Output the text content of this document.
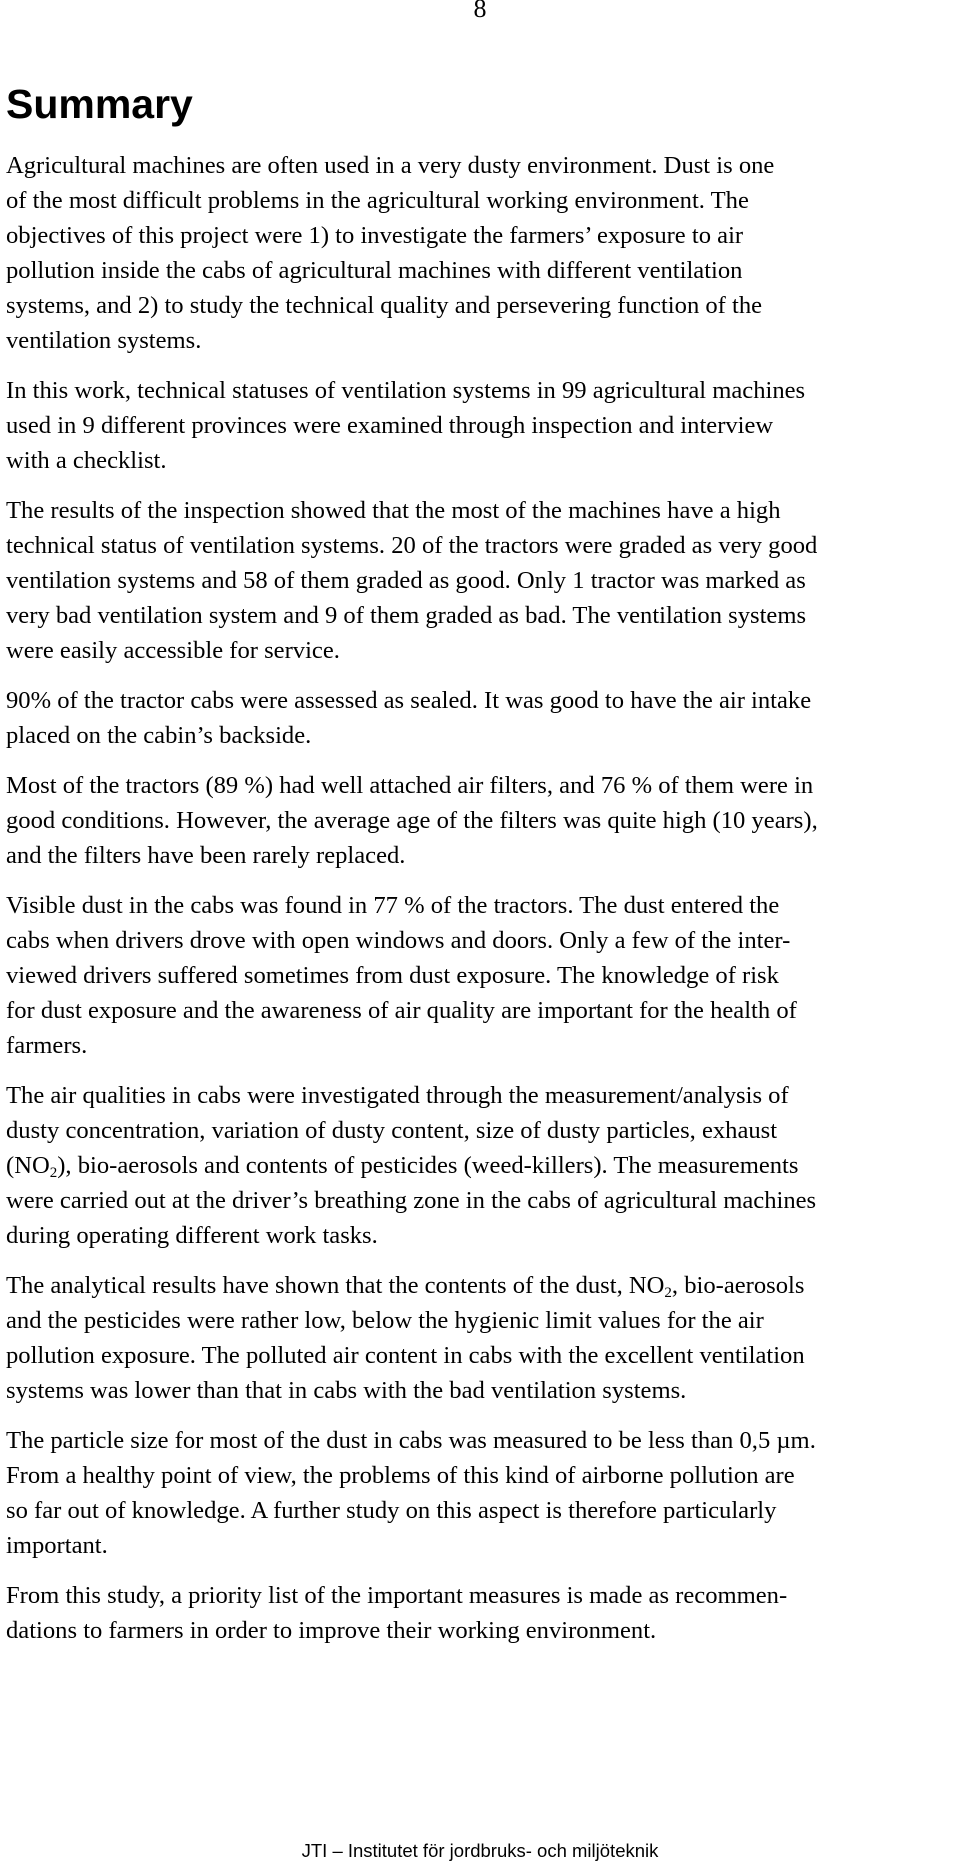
8
Summary

Agricultural machines are often used in a very dusty environment. Dust is one
of the most difficult problems in the agricultural working environment. The
objectives of this project were 1) to investigate the farmers’ exposure to air
pollution inside the cabs of agricultural machines with different ventilation
systems, and 2) to study the technical quality and persevering function of the
ventilation systems.

In this work, technical statuses of ventilation systems in 99 agricultural machines
used in 9 different provinces were examined through inspection and interview
with a checklist.

The results of the inspection showed that the most of the machines have a high
technical status of ventilation systems. 20 of the tractors were graded as very good
ventilation systems and 58 of them graded as good. Only 1 tractor was marked as
very bad ventilation system and 9 of them graded as bad. The ventilation systems
were easily accessible for service.

90% of the tractor cabs were assessed as sealed. It was good to have the air intake
placed on the cabin’s backside.

Most of the tractors (89 %) had well attached air filters, and 76 % of them were in
good conditions. However, the average age of the filters was quite high (10 years),
and the filters have been rarely replaced.

Visible dust in the cabs was found in 77 % of the tractors. The dust entered the
cabs when drivers drove with open windows and doors. Only a few of the inter-
viewed drivers suffered sometimes from dust exposure. The knowledge of risk
for dust exposure and the awareness of air quality are important for the health of
farmers.

The air qualities in cabs were investigated through the measurement/analysis of
dusty concentration, variation of dusty content, size of dusty particles, exhaust
$(NO_2)$, bio-aerosols and contents of pesticides (weed-killers). The measurements
were carried out at the driver’s breathing zone in the cabs of agricultural machines
during operating different work tasks.

The analytical results have shown that the contents of the dust, $NO_2$, bio-aerosols
and the pesticides were rather low, below the hygienic limit values for the air
pollution exposure. The polluted air content in cabs with the excellent ventilation
systems was lower than that in cabs with the bad ventilation systems.

The particle size for most of the dust in cabs was measured to be less than 0,5 µm.
From a healthy point of view, the problems of this kind of airborne pollution are
so far out of knowledge. A further study on this aspect is therefore particularly
important.

From this study, a priority list of the important measures is made as recommen-
dations to farmers in order to improve their working environment.

JTI – Institutet för jordbruks- och miljöteknik
